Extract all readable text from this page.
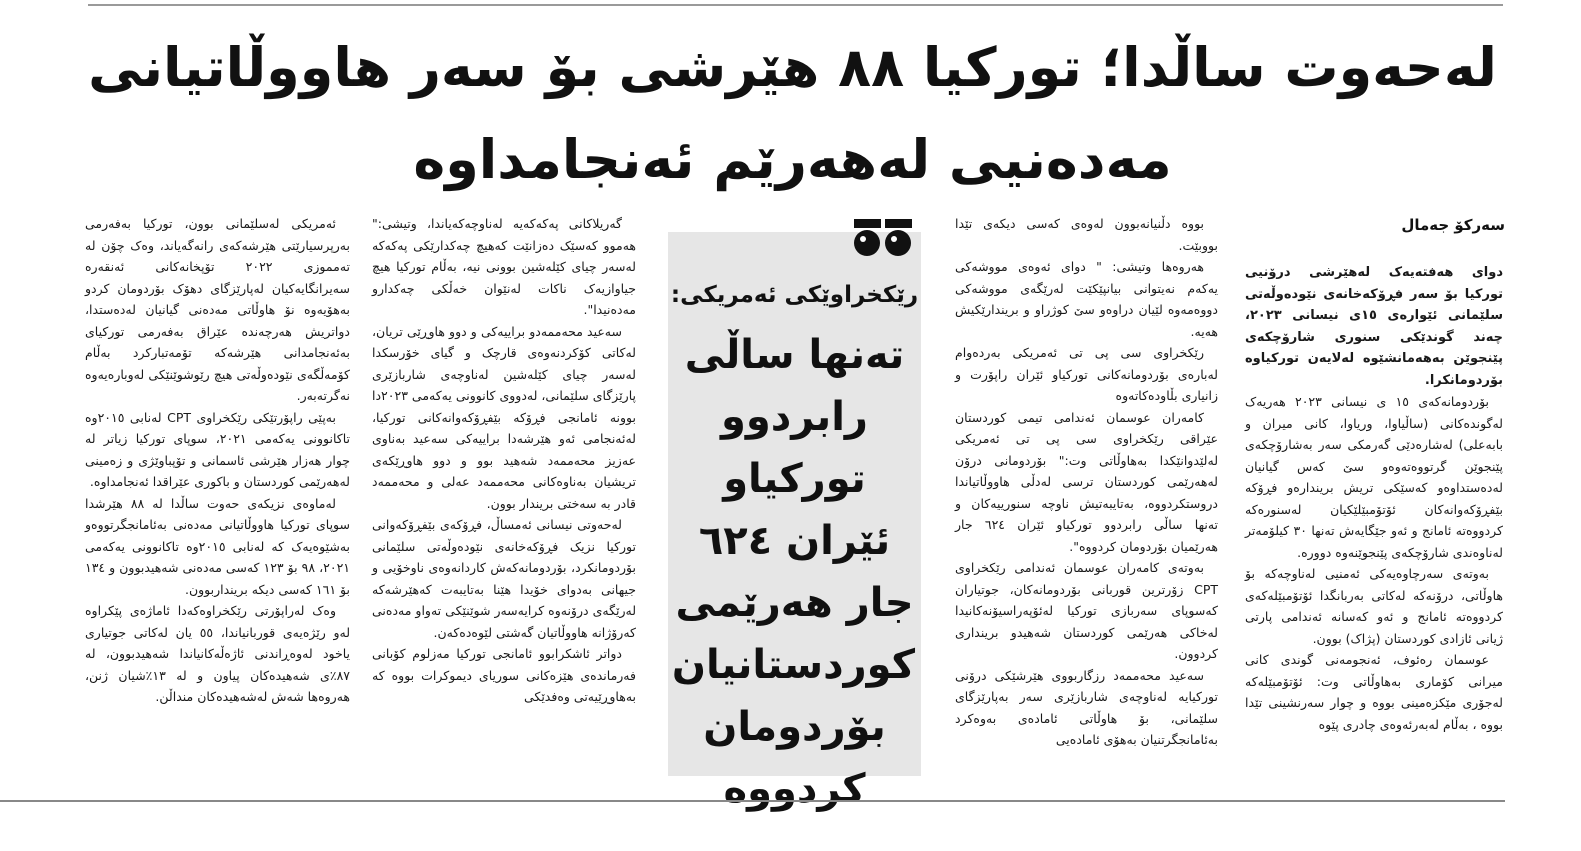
لەحەوت ساڵدا؛ تورکیا ٨٨ هێرشی بۆ سەر هاووڵاتیانی
مەدەنیی لەهەرێم ئەنجامداوە
سەرکۆ جەمال

دوای هەفتەیەک لەهێرشی درۆنیی تورکیا بۆ سەر فڕۆکەخانەی نێودەوڵەتی سلێمانی ئێوارەی ١٥ی نیسانی ٢٠٢٣، چەند گوندێکی سنوری شارۆچکەی پێنجوێن بەهەمانشێوە لەلایەن تورکیاوە بۆردومانکرا.

بۆردومانەکەی ١٥ ی نیسانی ٢٠٢٣ هەریەک لەگوندەکانی (ساڵیاوا، وریاوا، کانی میران و بابەعلی) لەشارەدێی گەرمکی سەر بەشارۆچکەی پێنجوێن گرتووەتەوەو سێ کەس گیانیان لەدەستداوەو کەسێکی تریش بریندارەو فڕۆکە بێفڕۆکەوانەکان ئۆتۆمبێلێکیان لەسنورەکە کردووەتە ئامانج و ئەو جێگایەش تەنها ٣٠ کیلۆمەتر لەناوەندی شارۆچکەی پێنجوێنەوە دوورە.

بەوتەی سەرچاوەیەکی ئەمنیی لەناوچەکە بۆ هاوڵاتی، درۆنەکە لەکاتی بەربانگدا ئۆتۆمبێلەکەی کردووەتە ئامانج و ئەو کەسانە ئەندامی پارتی ژیانی ئازادی کوردستان (پژاک) بوون.

عوسمان رەئوف، ئەنجومەنی گوندی کانی میرانی کۆماری بەهاوڵاتی وت: ئۆتۆمبێلەکە لەجۆری مێکزەمینی بووە و چوار سەرنشینی تێدا بووە ، بەڵام لەبەرئەوەی چادری پێوە

بووە دڵنیانەبوون لەوەی کەسی دیکەی تێدا بووبێت.

هەروەها وتیشی: " دوای ئەوەی مووشەکی یەکەم نەیتوانی بیانپێکێت لەرێگەی مووشەکی دووەمەوە لێیان دراوەو سێ کوژراو و بریندارێکیش هەیە.

رێکخراوی سی پی تی ئەمریکی بەردەوام لەبارەی بۆردومانەکانی تورکیاو ئێران راپۆرت و زانیاری بڵاودەکاتەوە

کامەران عوسمان ئەندامی تیمی کوردستان عێراقی رێکخراوی سی پی تی ئەمریکی لەلێدوانێکدا بەهاوڵاتی وت:" بۆردومانی درۆن لەهەرێمی کوردستان ترسی لەدڵی هاووڵاتیاندا دروستکردووە، بەتایبەتیش ناوچە سنورییەکان و تەنها ساڵی رابردوو تورکیاو ئێران ٦٢٤ جار هەرێمیان بۆردومان کردووە".

بەوتەی کامەران عوسمان ئەندامی رێکخراوی CPT زۆرترین قوربانی بۆردومانەکان، جوتیاران کەسوپای سەربازی تورکیا لەئۆپەراسیۆنەکانیدا لەخاکی هەرێمی کوردستان شەهیدو برینداری کردوون.

سەعید محەممەد رزگاربووی هێرشێکی درۆنی تورکیایە لەناوچەی شاربازێری سەر بەپارێزگای سلێمانی، بۆ هاوڵاتی ئامادەی بەوەکرد بەئامانجگرتنیان بەهۆی ئامادەیی

رێکخراوێکی ئەمریکی:
تەنها ساڵی
رابردوو تورکیاو
ئێران ٦٢٤
جار هەرێمی
کوردستانیان
بۆردومان
کردووە

گەریلاکانی پەکەکەیە لەناوچەکەیاندا، وتیشی:" هەموو کەسێک دەزانێت کەهیچ چەکدارێکی پەکەکە لەسەر چیای کێلەشین بوونی نیە، بەڵام تورکیا هیچ جیاوازیەک ناکات لەنێوان خەڵکی چەکدارو مەدەنیدا".

سەعید محەممەدو براییەکی و دوو هاوڕێی تریان، لەکاتی کۆکردنەوەی قارچک و گیای خۆرسکدا لەسەر چیای کێلەشین لەناوچەی شاربازێری پارێزگای سلێمانی، لەدووی کانوونی یەکەمی ٢٠٢٣دا بوونە ئامانجی فڕۆکە بێفڕۆکەوانەکانی تورکیا، لەئەنجامی ئەو هێرشەدا براییەکی سەعید بەناوی عەزیز محەممەد شەهید بوو و دوو هاوڕێکەی تریشیان بەناوەکانی محەممەد عەلی و محەممەد قادر بە سەختی بریندار بوون.

لەحەوتی نیسانی ئەمساڵ، فڕۆکەی بێفڕۆکەوانی تورکیا نزیک فڕۆکەخانەی نێودەوڵەتی سلێمانی بۆردومانکرد، بۆردومانەکەش کاردانەوەی ناوخۆیی و جیهانی بەدوای خۆیدا هێنا بەتایبەت کەهێرشەکە لەرێگەی درۆنەوە کرایەسەر شوێنێکی تەواو مەدەنی کەرۆژانە هاووڵاتیان گەشتی لێوەدەکەن.

دواتر ئاشکرابوو ئامانجی تورکیا مەزلوم کۆبانی فەرماندەی هێزەکانی سوریای دیموکرات بووە کە بەهاوڕێیەتی وەفدێکی

ئەمریکی لەسلێمانی بوون، تورکیا بەفەرمی بەرپرسیارێتی هێرشەکەی رانەگەیاند، وەک چۆن لە تەمموزی ٢٠٢٢ تۆپخانەکانی ئەنقەرە سەیرانگایەکیان لەپارێزگای دهۆک بۆردومان کردو بەهۆیەوە نۆ هاوڵاتی مەدەنی گیانیان لەدەستدا، دواتریش هەرچەندە عێراق بەفەرمی تورکیای بەئەنجامدانی هێرشەکە تۆمەتبارکرد بەڵام کۆمەڵگەی نێودەوڵەتی هیچ رێوشوێنێکی لەوبارەیەوە نەگرتەبەر.

بەپێی راپۆرتێکی رێکخراوی CPT لەنابی ٢٠١٥وە تاکانوونی یەکەمی ٢٠٢١، سوپای تورکیا زیاتر لە چوار هەزار هێرشی ئاسمانی و تۆپباوێژی و زەمینی لەهەرێمی کوردستان و باکوری عێراقدا ئەنجامداوە.

لەماوەی نزیکەی حەوت ساڵدا لە ٨٨ هێرشدا سوپای تورکیا هاووڵاتیانی مەدەنی بەئامانجگرتووەو بەشێوەیەک کە لەنابی ٢٠١٥وە تاکانوونی یەکەمی ٢٠٢١، ٩٨ بۆ ١٢٣ کەسی مەدەنی شەهیدبوون و ١٣٤ بۆ ١٦١ کەسی دیکە برینداربوون.

وەک لەراپۆرتی رێکخراوەکەدا ئاماژەی پێکراوە لەو رێژەیەی قوربانیاندا، ٥٥ یان لەکاتی جوتیاری یاخود لەوەڕاندنی ئاژەڵەکانیاندا شەهیدبوون، لە ٨٧٪ی شەهیدەکان پیاون و لە ١٣٪شیان ژنن، هەروەها شەش لەشەهیدەکان منداڵن.
